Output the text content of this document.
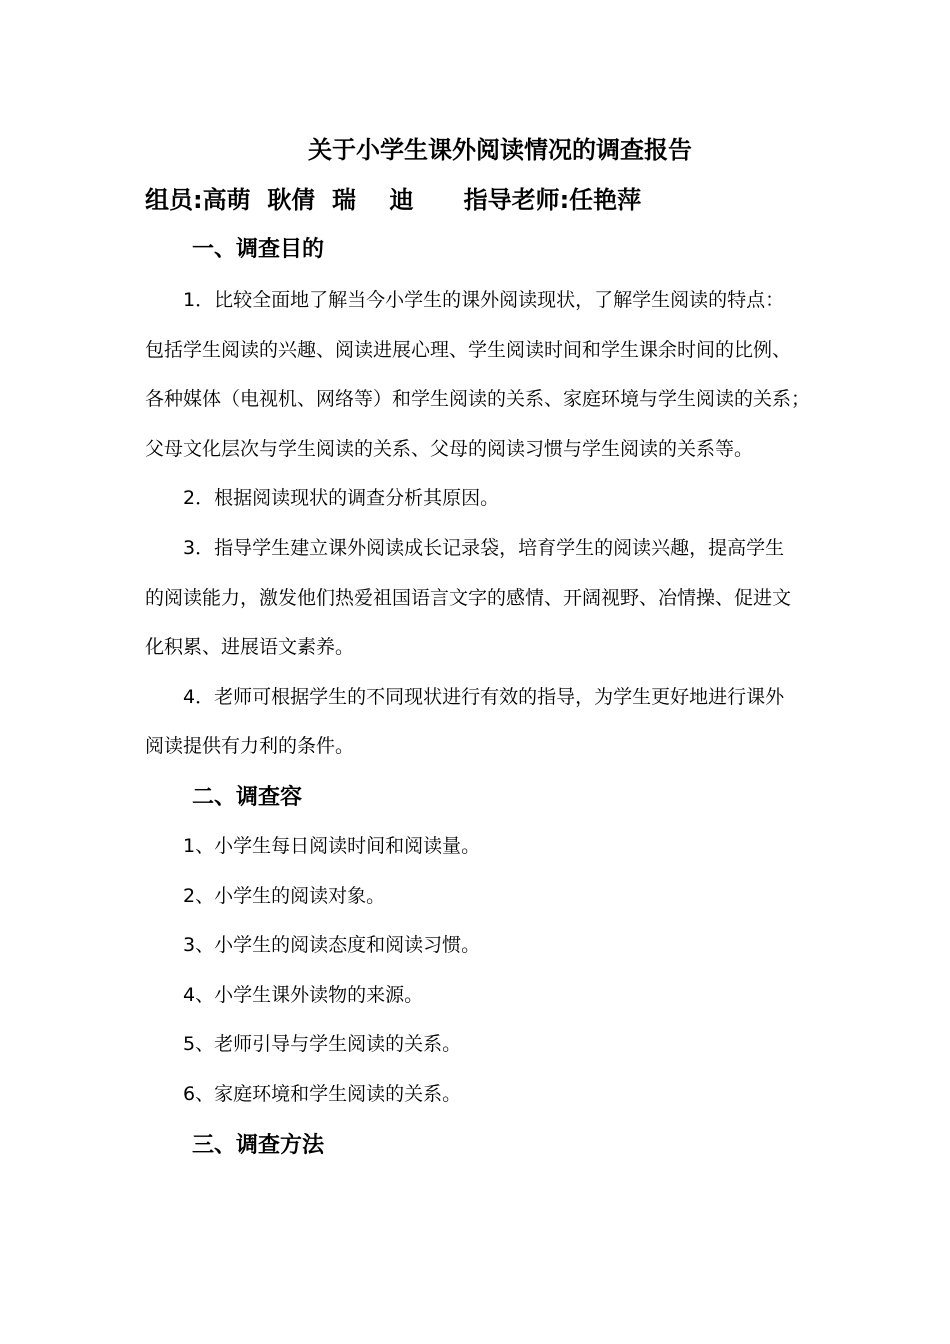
关于小学生课外阅读情况的调查报告
组员:高萌  耿倩  瑞    迪      指导老师:任艳萍
一、调查目的
1．比较全面地了解当今小学生的课外阅读现状，了解学生阅读的特点：
包括学生阅读的兴趣、阅读进展心理、学生阅读时间和学生课余时间的比例、
各种媒体（电视机、网络等）和学生阅读的关系、家庭环境与学生阅读的关系；
父母文化层次与学生阅读的关系、父母的阅读习惯与学生阅读的关系等。
2．根据阅读现状的调查分析其原因。
3．指导学生建立课外阅读成长记录袋，培育学生的阅读兴趣，提高学生
的阅读能力，激发他们热爱祖国语言文字的感情、开阔视野、冶情操、促进文
化积累、进展语文素养。
4．老师可根据学生的不同现状进行有效的指导，为学生更好地进行课外
阅读提供有力利的条件。
二、调查容
1、小学生每日阅读时间和阅读量。
2、小学生的阅读对象。
3、小学生的阅读态度和阅读习惯。
4、小学生课外读物的来源。
5、老师引导与学生阅读的关系。
6、家庭环境和学生阅读的关系。
三、调查方法
